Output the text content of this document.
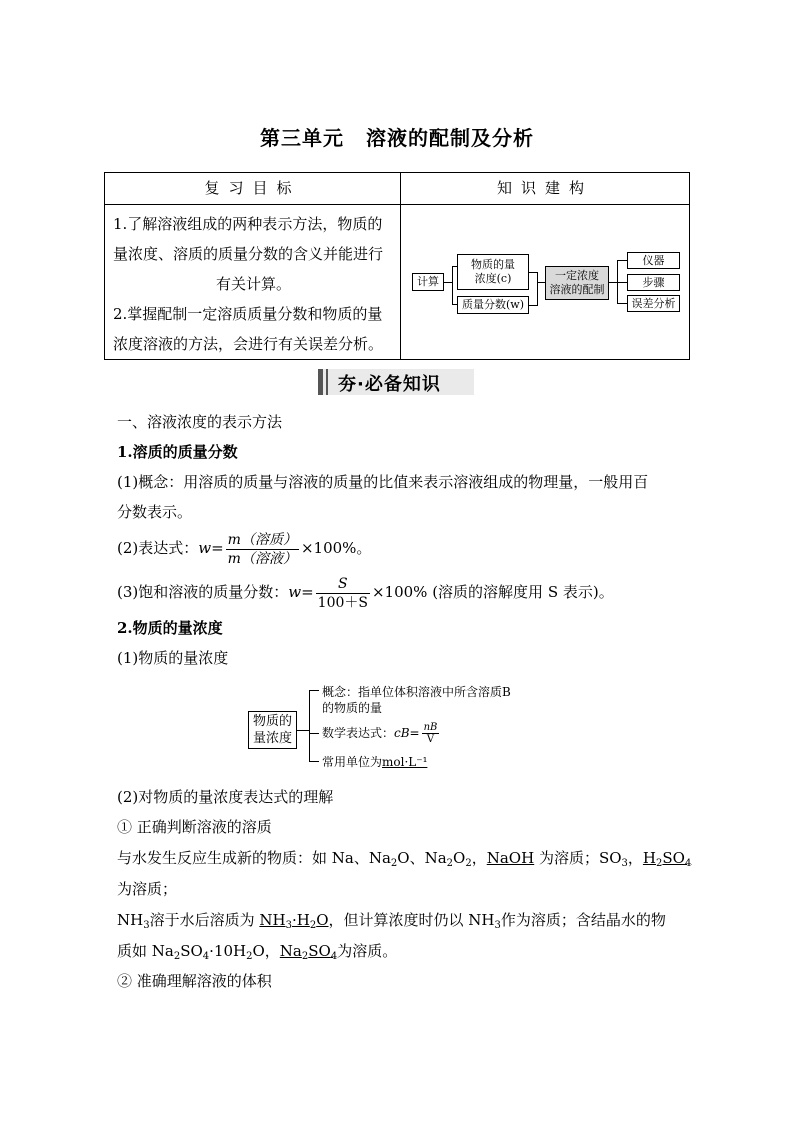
第三单元 溶液的配制及分析
复习目标	知识建构

1.了解溶液组成的两种表示方法，物质的

量浓度、溶质的质量分数的含义并能进行

有关计算。

2.掌握配制一定溶质质量分数和物质的量

浓度溶液的方法，会进行有关误差分析。	

计算
物质的量
浓度(c)
质量分数(w)
一定浓度
溶液的配制
仪器
步骤
误差分析
夯·必备知识
一、溶液浓度的表示方法
1.溶质的质量分数
(1)概念：用溶质的质量与溶液的质量的比值来表示溶液组成的物理量，一般用百
分数表示。
(2)表达式：$w= \frac{\text{m（溶质）}}{\text{m（溶液）}} \times 100\%$。
(3)饱和溶液的质量分数：$w= \frac{S}{100+S} \times 100\%$ (溶质的溶解度用 S 表示)。
2.物质的量浓度
(1)物质的量浓度
物质的
量浓度
概念：指单位体积溶液中所含溶质B
的物质的量
数学表达式：$cB= \frac{nB}{V}$
常用单位为mol·L⁻¹
(2)对物质的量浓度表达式的理解
① 正确判断溶液的溶质
与水发生反应生成新的物质：如 Na、$Na_2O$、$Na_2O_2$，NaOH 为溶质；$SO_3$，$H_2SO_4$
为溶质；
$NH_3$溶于水后溶质为 $NH_3\cdot H_2O$，但计算浓度时仍以 $NH_3$作为溶质；含结晶水的物
质如 $Na_2SO_4\cdot 10H_2O$，$Na_2SO_4$为溶质。
② 准确理解溶液的体积
